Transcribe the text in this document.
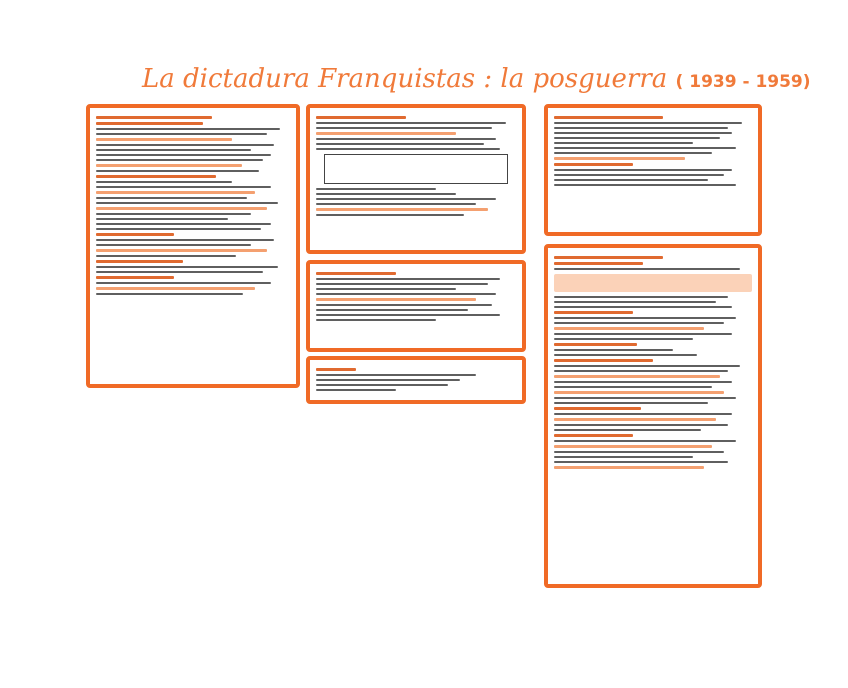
La dictadura Franquistas : la posguerra ( 1939 - 1959)
